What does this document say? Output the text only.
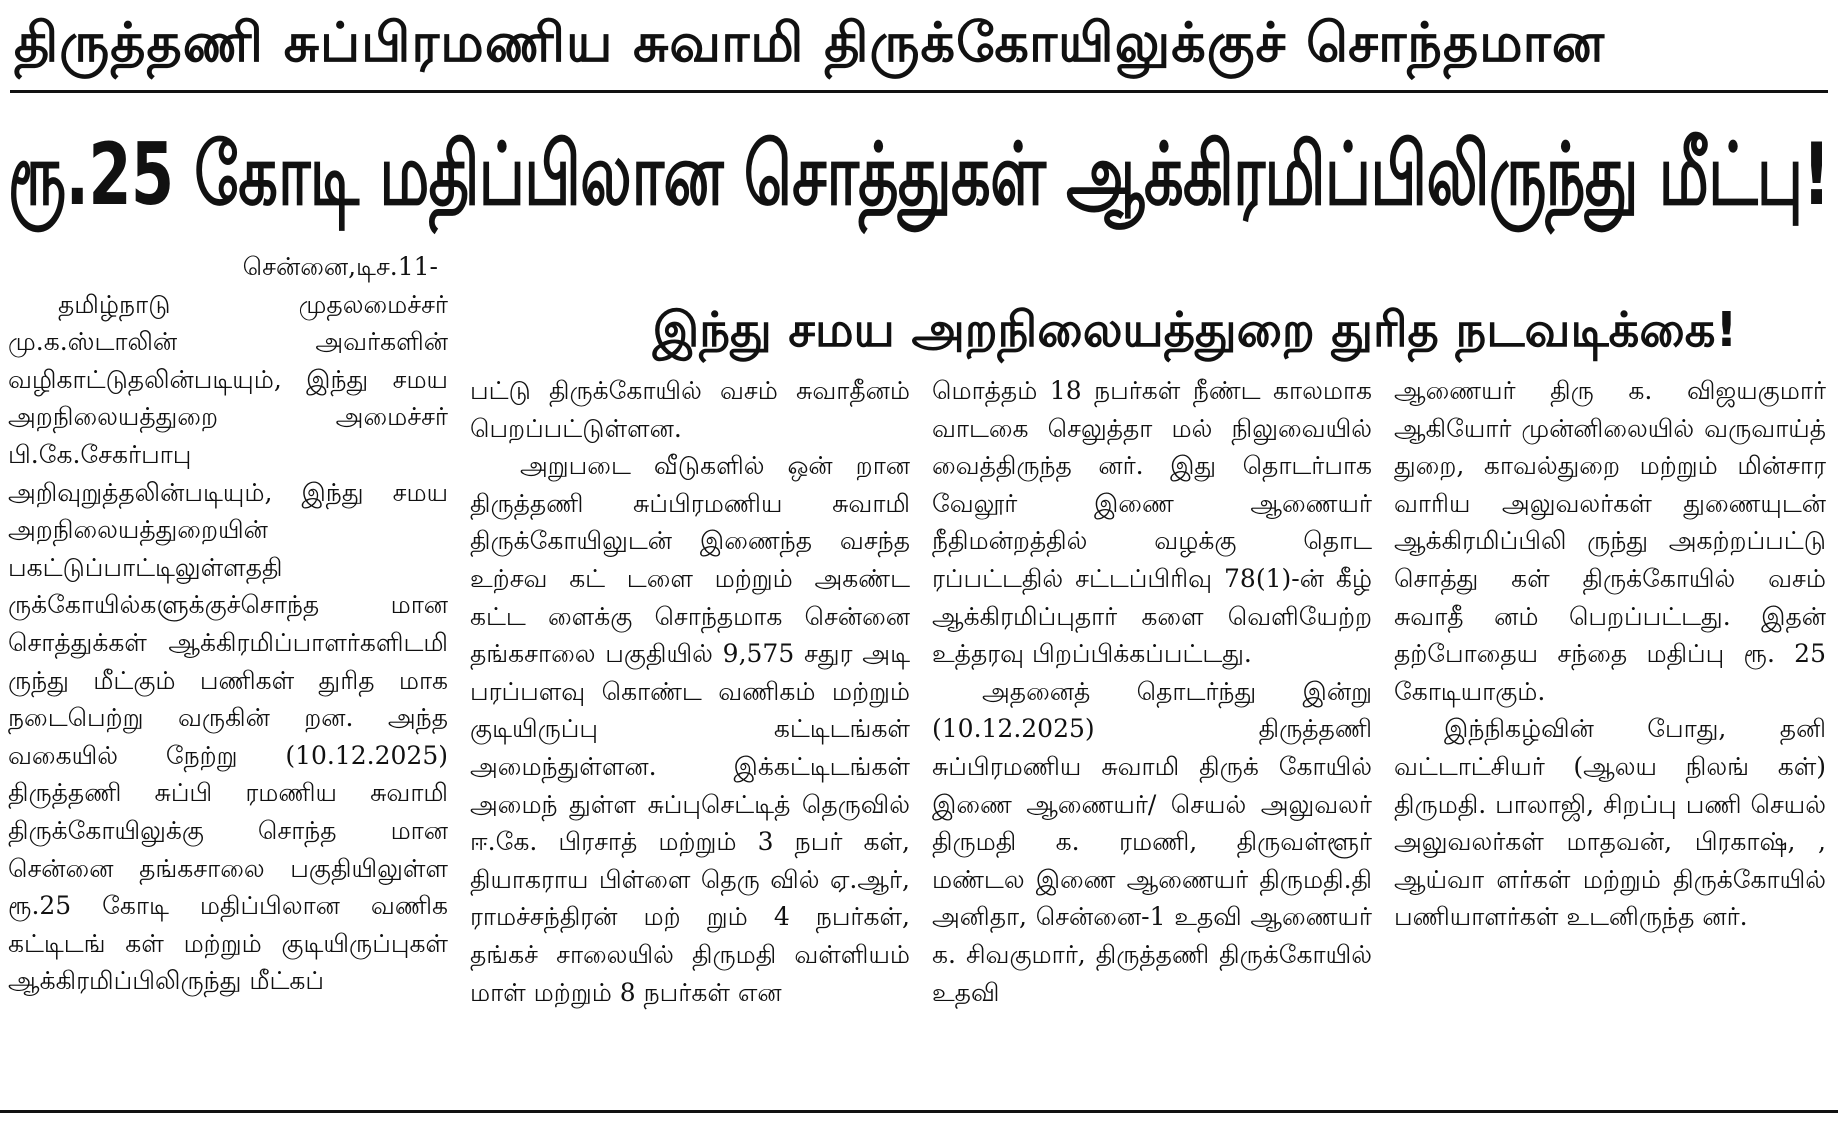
திருத்தணி சுப்பிரமணிய சுவாமி திருக்கோயிலுக்குச் சொந்தமான
ரூ.25 கோடி மதிப்பிலான சொத்துகள் ஆக்கிரமிப்பிலிருந்து மீட்பு!
இந்து சமய அறநிலையத்துறை துரித நடவடிக்கை!

சென்னை,டிச.11-

தமிழ்நாடு முதலமைச்சர் மு.க.ஸ்டாலின் அவர்களின் வழிகாட்டுதலின்படியும், இந்து சமய அறநிலையத்துறை அமைச்சர் பி.கே.சேகர்பாபு அறிவுறுத்தலின்படியும், இந்து சமய அறநிலையத்துறையின் பகட்டுப்பாட்டிலுள்ளததி ருக்கோயில்களுக்குச்‌சொந்த மான சொத்துக்கள் ஆக்கிரமிப்பாளர்களிடமி ருந்து மீட்கும் பணிகள் துரித மாக நடைபெற்று வருகின் றன. அந்த வகையில் நேற்று (10.12.2025) திருத்தணி சுப்பி ரமணிய சுவாமி திருக்கோயிலுக்கு சொந்த மான சென்னை தங்கசாலை பகுதியிலுள்ள ரூ.25 கோடி மதிப்பிலான வணிக கட்டிடங் கள் மற்றும் குடியிருப்புகள் ஆக்கிரமிப்பிலிருந்து மீட்கப்

பட்டு திருக்கோயில் வசம் சுவாதீனம் பெறப்பட்டுள்ளன.

அறுபடை வீடுகளில் ஒன் றான திருத்தணி சுப்பிரமணிய சுவாமி திருக்கோயிலுடன் இணைந்த வசந்த உற்சவ கட் டளை மற்றும் அகண்ட கட்ட ளைக்கு சொந்தமாக சென்னை தங்கசாலை பகுதியில் 9,575 சதுர அடி பரப்பளவு கொண்ட வணிகம் மற்றும் குடியிருப்பு கட்டிடங்கள் அமைந்துள்ளன. இக்கட்டிடங்கள் அமைந் துள்ள சுப்புசெட்டித் தெருவில் ஈ.கே. பிரசாத் மற்றும் 3 நபர் கள், தியாகராய பிள்ளை தெரு வில் ஏ.ஆர், ராமச்சந்திரன் மற் றும் 4 நபர்கள், தங்கச் சாலையில் திருமதி வள்ளியம் மாள் மற்றும் 8 நபர்கள் என

மொத்தம் 18 நபர்கள் நீண்ட காலமாக வாடகை செலுத்தா மல் நிலுவையில் வைத்திருந்த னர். இது தொடர்பாக வேலூர் இணை ஆணையர் நீதிமன்றத்தில் வழக்கு தொட ரப்பட்டதில் சட்டப்பிரிவு 78(1)-ன் கீழ் ஆக்கிரமிப்புதார் களை வெளியேற்ற உத்தரவு பிறப்பிக்கப்பட்டது.

அதனைத் தொடர்ந்து இன்று (10.12.2025) திருத்தணி சுப்பிரமணிய சுவாமி திருக் கோயில் இணை ஆணையர்/ செயல் அலுவலர் திருமதி க. ரமணி, திருவள்ளூர் மண்டல இணை ஆணையர் திருமதி.தி அனிதா, சென்னை-1 உதவி ஆணையர் க. சிவகுமார், திருத்தணி திருக்கோயில் உதவி

ஆணையர் திரு க. விஜயகுமார் ஆகியோர் முன்னிலையில் வருவாய்த் துறை, காவல்துறை மற்றும் மின்சார வாரிய அலுவலர்கள் துணையுடன் ஆக்கிரமிப்பிலி ருந்து அகற்றப்பட்டு சொத்து கள் திருக்கோயில் வசம் சுவாதீ னம் பெறப்பட்டது. இதன் தற்போதைய சந்தை மதிப்பு ரூ. 25 கோடியாகும்.

இந்நிகழ்வின் போது, தனி வட்டாட்சியர் (ஆலய நிலங் கள்) திருமதி. பாலாஜி, சிறப்பு பணி செயல் அலுவலர்கள் மாதவன், பிரகாஷ், , ஆய்வா ளர்கள் மற்றும் திருக்கோயில் பணியாளர்கள் உடனிருந்த னர்.
